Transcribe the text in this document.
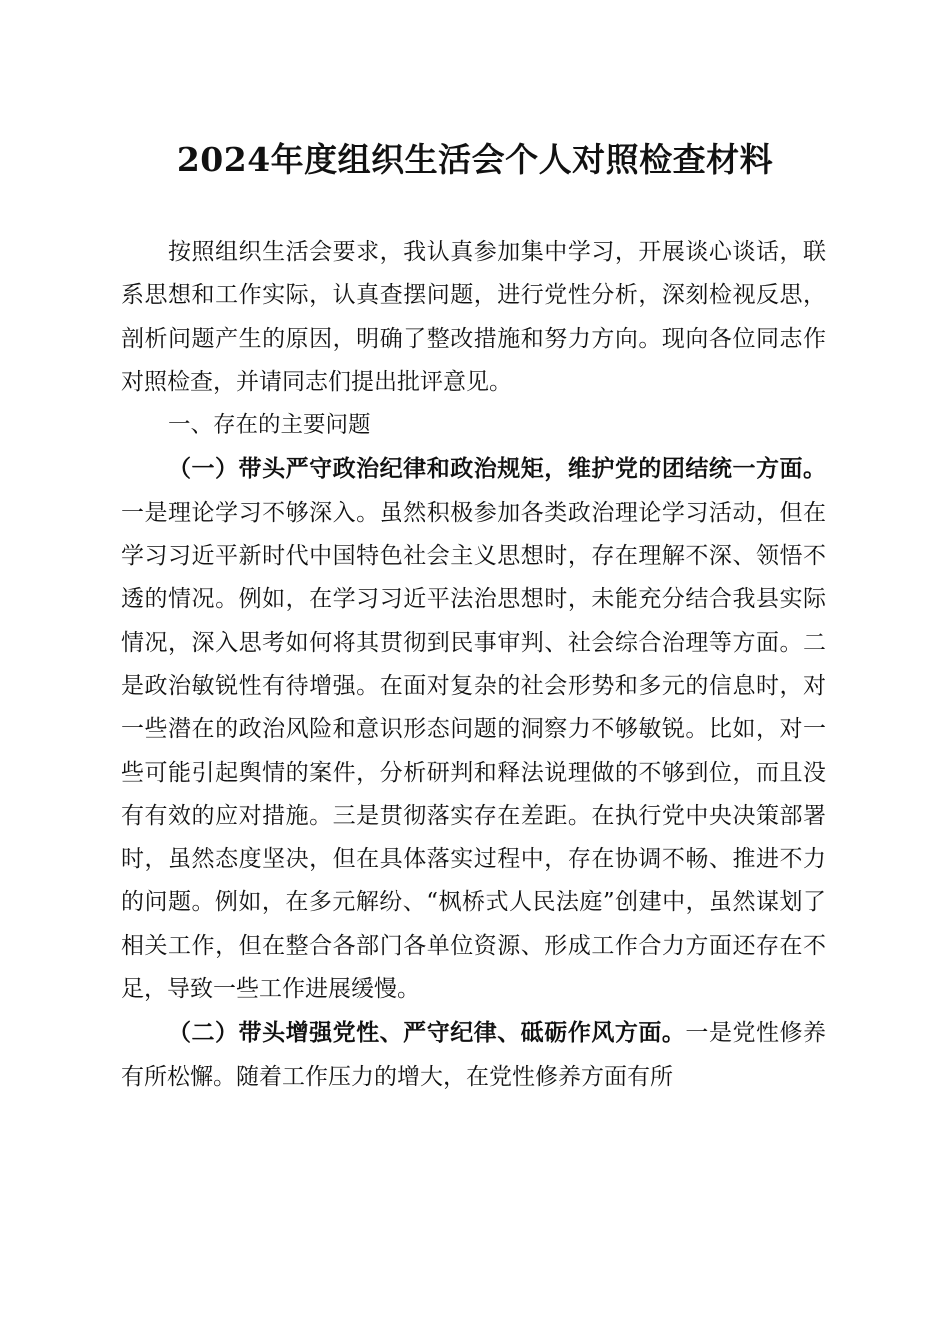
2024年度组织生活会个人对照检查材料

按照组织生活会要求，我认真参加集中学习，开展谈心谈话，联系思想和工作实际，认真查摆问题，进行党性分析，深刻检视反思，剖析问题产生的原因，明确了整改措施和努力方向。现向各位同志作对照检查，并请同志们提出批评意见。

一、存在的主要问题

（一）带头严守政治纪律和政治规矩，维护党的团结统一方面。一是理论学习不够深入。虽然积极参加各类政治理论学习活动，但在学习习近平新时代中国特色社会主义思想时，存在理解不深、领悟不透的情况。例如，在学习习近平法治思想时，未能充分结合我县实际情况，深入思考如何将其贯彻到民事审判、社会综合治理等方面。二是政治敏锐性有待增强。在面对复杂的社会形势和多元的信息时，对一些潜在的政治风险和意识形态问题的洞察力不够敏锐。比如，对一些可能引起舆情的案件，分析研判和释法说理做的不够到位，而且没有有效的应对措施。三是贯彻落实存在差距。在执行党中央决策部署时，虽然态度坚决，但在具体落实过程中，存在协调不畅、推进不力的问题。例如，在多元解纷、“枫桥式人民法庭”创建中，虽然谋划了相关工作，但在整合各部门各单位资源、形成工作合力方面还存在不足，导致一些工作进展缓慢。

（二）带头增强党性、严守纪律、砥砺作风方面。一是党性修养有所松懈。随着工作压力的增大，在党性修养方面有所
